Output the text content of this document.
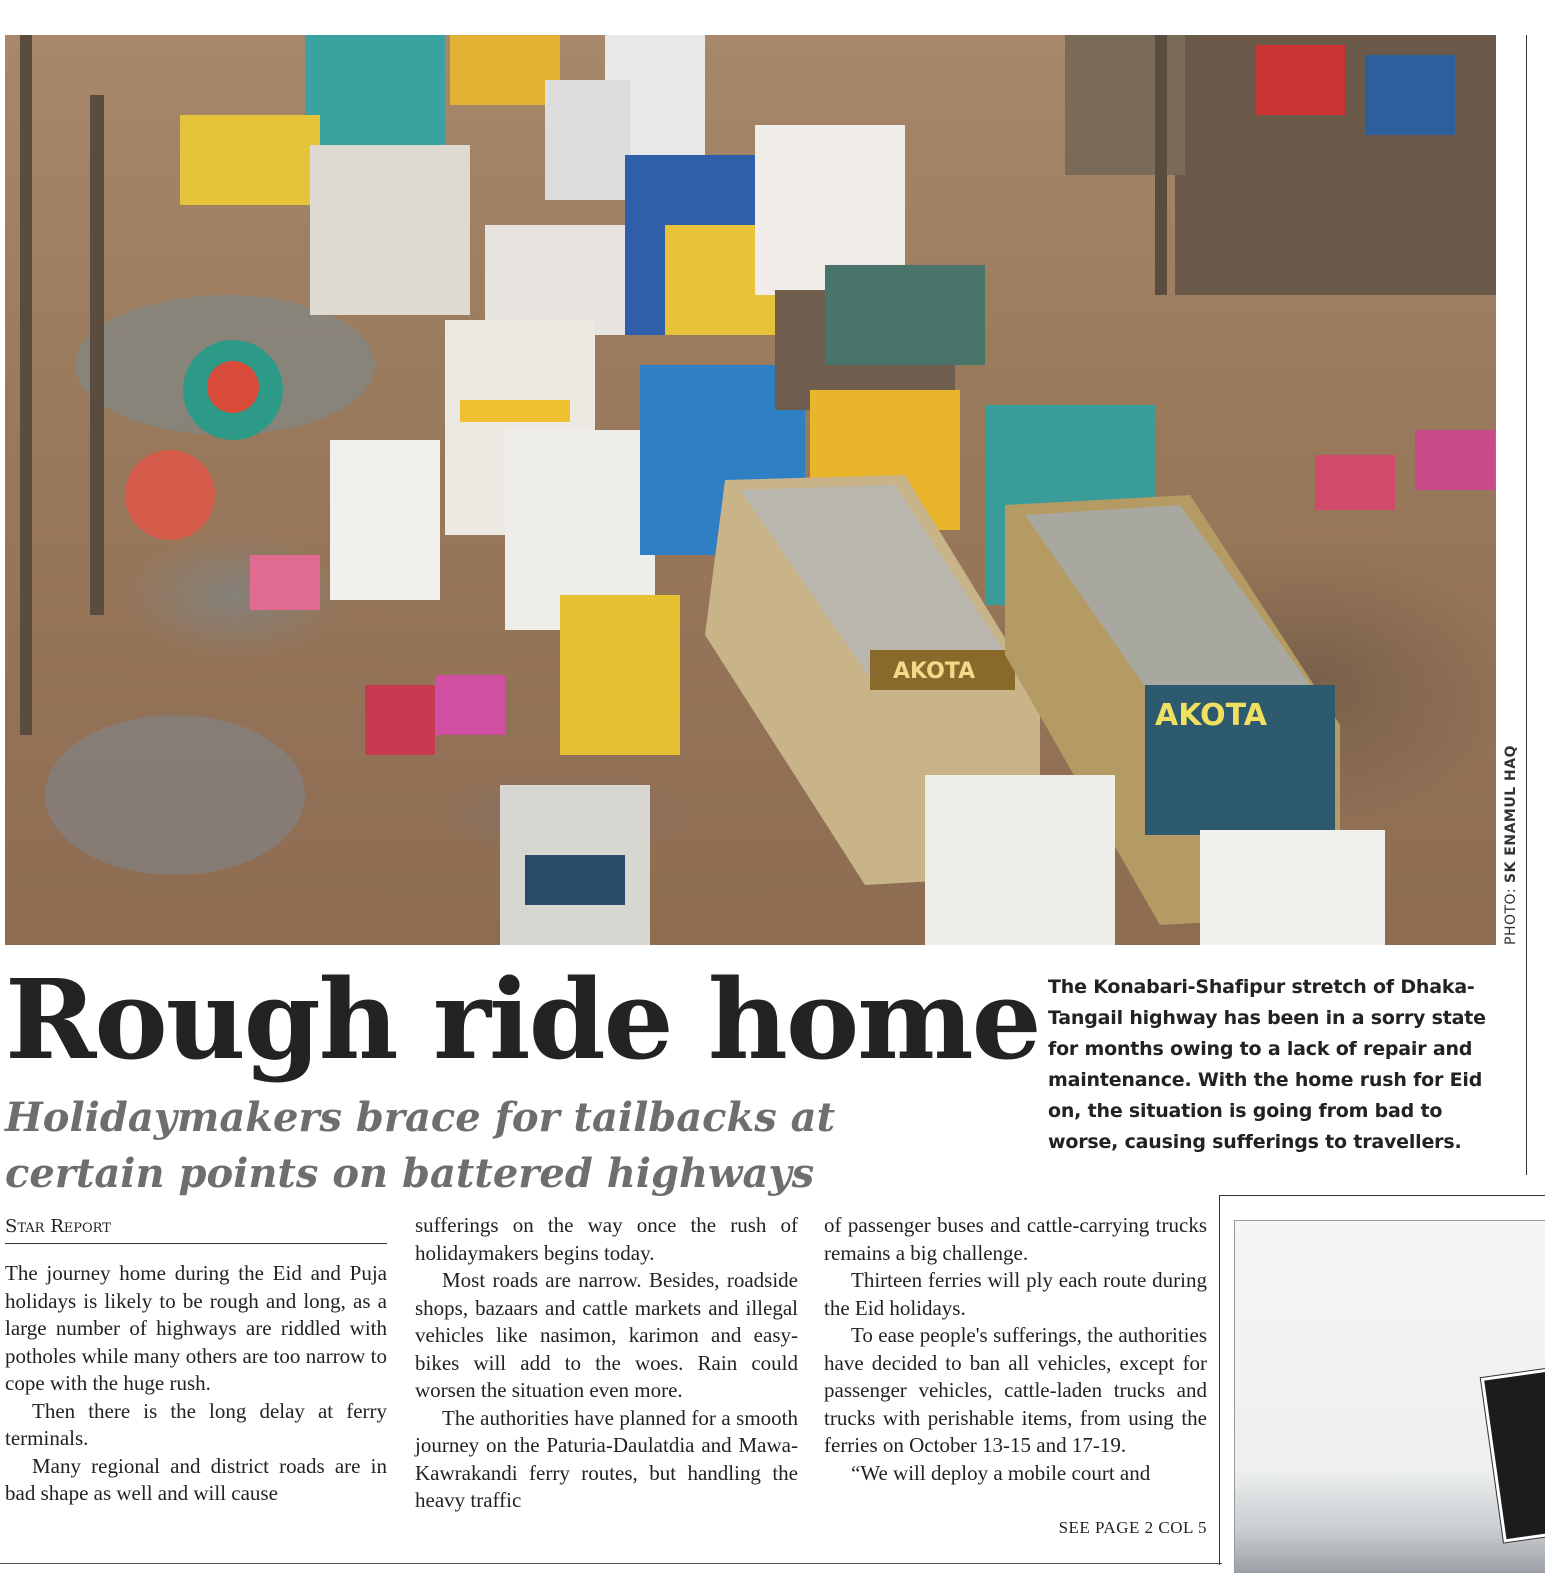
AKOTA
AKOTA
PHOTO: SK ENAMUL HAQ
Rough ride home
Holidaymakers brace for tailbacks at certain points on battered highways

The Konabari-Shafipur stretch of Dhaka-Tangail highway has been in a sorry state for months owing to a lack of repair and maintenance. With the home rush for Eid on, the situation is going from bad to worse, causing sufferings to travellers.

Star Report

The journey home during the Eid and Puja holidays is likely to be rough and long, as a large number of highways are riddled with potholes while many others are too narrow to cope with the huge rush.

Then there is the long delay at ferry terminals.

Many regional and district roads are in bad shape as well and will cause

sufferings on the way once the rush of holidaymakers begins today.

Most roads are narrow. Besides, roadside shops, bazaars and cattle markets and illegal vehicles like nasimon, karimon and easy-bikes will add to the woes. Rain could worsen the situation even more.

The authorities have planned for a smooth journey on the Paturia-Daulatdia and Mawa-Kawrakandi ferry routes, but handling the heavy traffic

of passenger buses and cattle-carrying trucks remains a big challenge.

Thirteen ferries will ply each route during the Eid holidays.

To ease people's sufferings, the authorities have decided to ban all vehicles, except for passenger vehicles, cattle-laden trucks and trucks with perishable items, from using the ferries on October 13-15 and 17-19.

“We will deploy a mobile court and

SEE PAGE 2 COL 5
